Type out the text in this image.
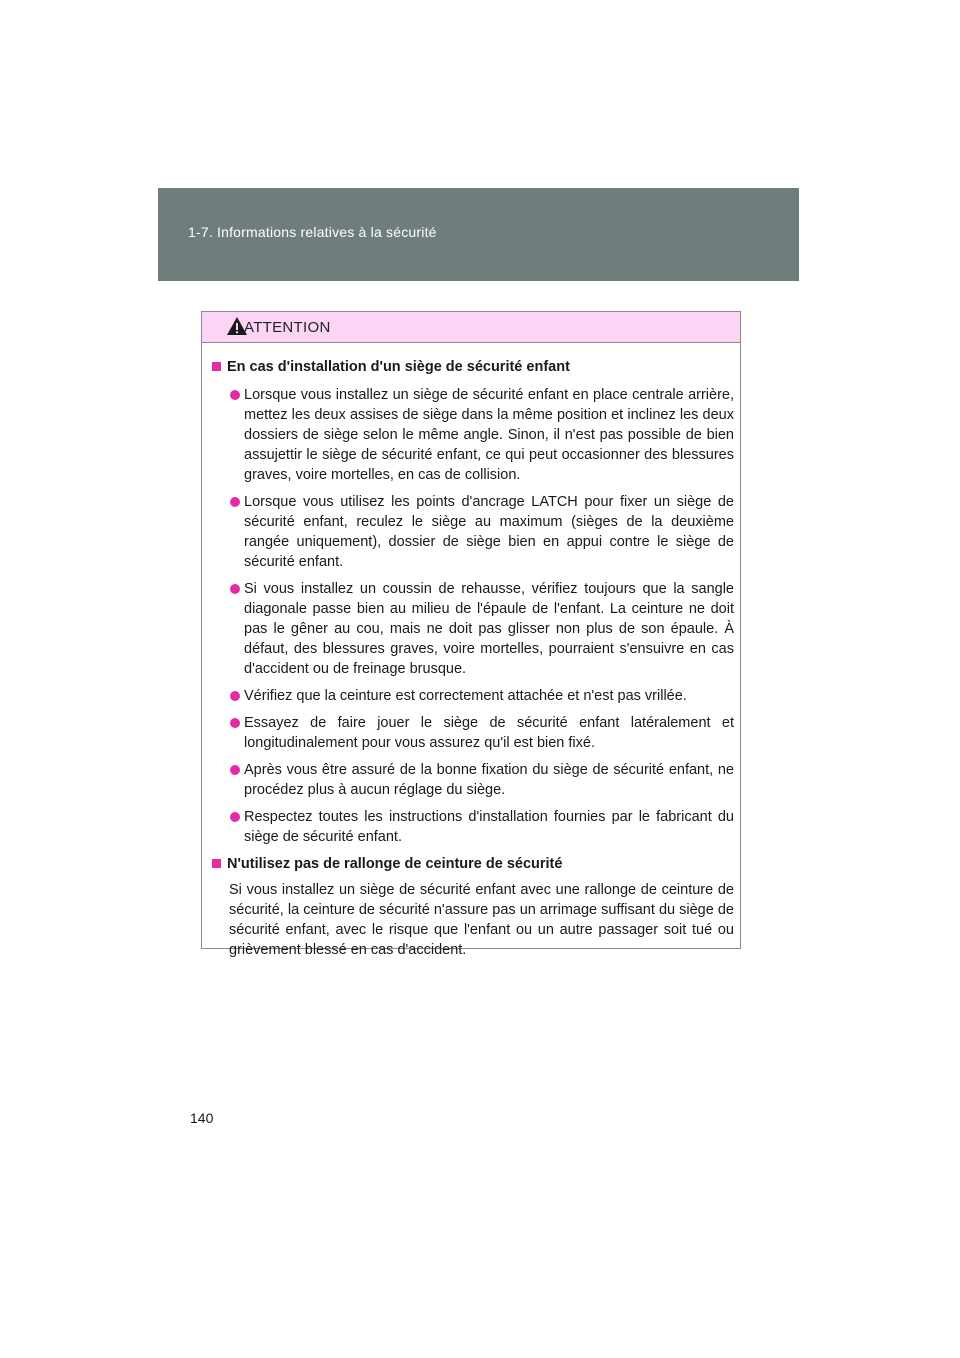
1-7. Informations relatives à la sécurité
ATTENTION
En cas d'installation d'un siège de sécurité enfant
Lorsque vous installez un siège de sécurité enfant en place centrale arrière, mettez les deux assises de siège dans la même position et inclinez les deux dossiers de siège selon le même angle. Sinon, il n'est pas possible de bien assujettir le siège de sécurité enfant, ce qui peut occasionner des blessures graves, voire mortelles, en cas de collision.
Lorsque vous utilisez les points d'ancrage LATCH pour fixer un siège de sécurité enfant, reculez le siège au maximum (sièges de la deuxième rangée uniquement), dossier de siège bien en appui contre le siège de sécurité enfant.
Si vous installez un coussin de rehausse, vérifiez toujours que la sangle diagonale passe bien au milieu de l'épaule de l'enfant. La ceinture ne doit pas le gêner au cou, mais ne doit pas glisser non plus de son épaule. À défaut, des blessures graves, voire mortelles, pourraient s'ensuivre en cas d'accident ou de freinage brusque.
Vérifiez que la ceinture est correctement attachée et n'est pas vrillée.
Essayez de faire jouer le siège de sécurité enfant latéralement et longitudinalement pour vous assurez qu'il est bien fixé.
Après vous être assuré de la bonne fixation du siège de sécurité enfant, ne procédez plus à aucun réglage du siège.
Respectez toutes les instructions d'installation fournies par le fabricant du siège de sécurité enfant.
N'utilisez pas de rallonge de ceinture de sécurité
Si vous installez un siège de sécurité enfant avec une rallonge de ceinture de sécurité, la ceinture de sécurité n'assure pas un arrimage suffisant du siège de sécurité enfant, avec le risque que l'enfant ou un autre passager soit tué ou grièvement blessé en cas d'accident.
140
